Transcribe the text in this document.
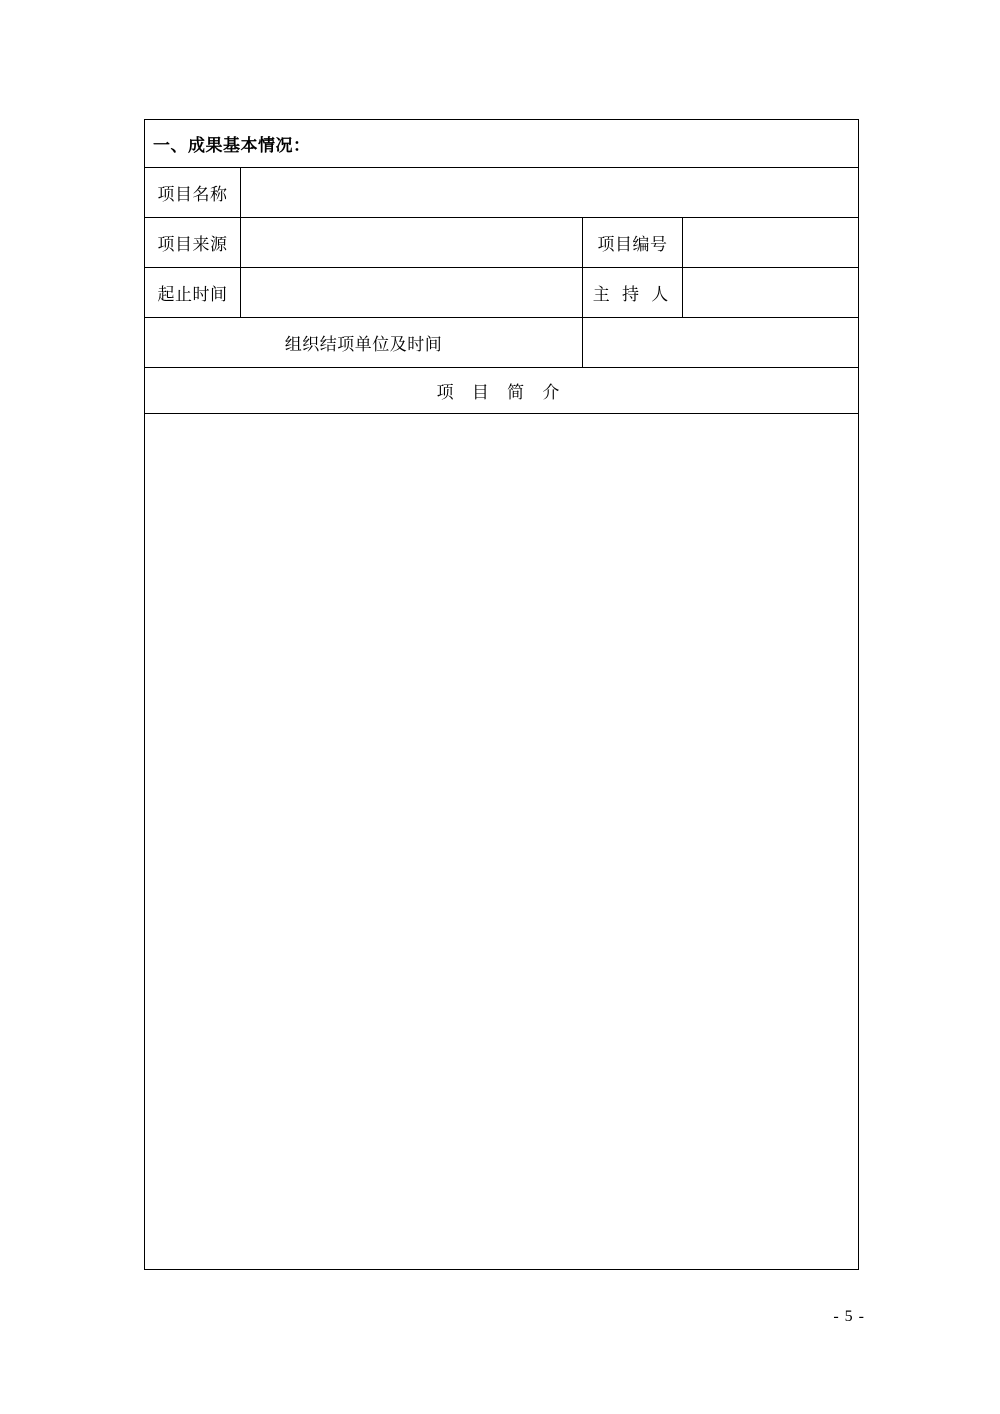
一、成果基本情况：			
项目名称			
项目来源		项目编号	
起止时间		主 持 人	
组织结项单位及时间			
项 目 简 介			

- 5 -
